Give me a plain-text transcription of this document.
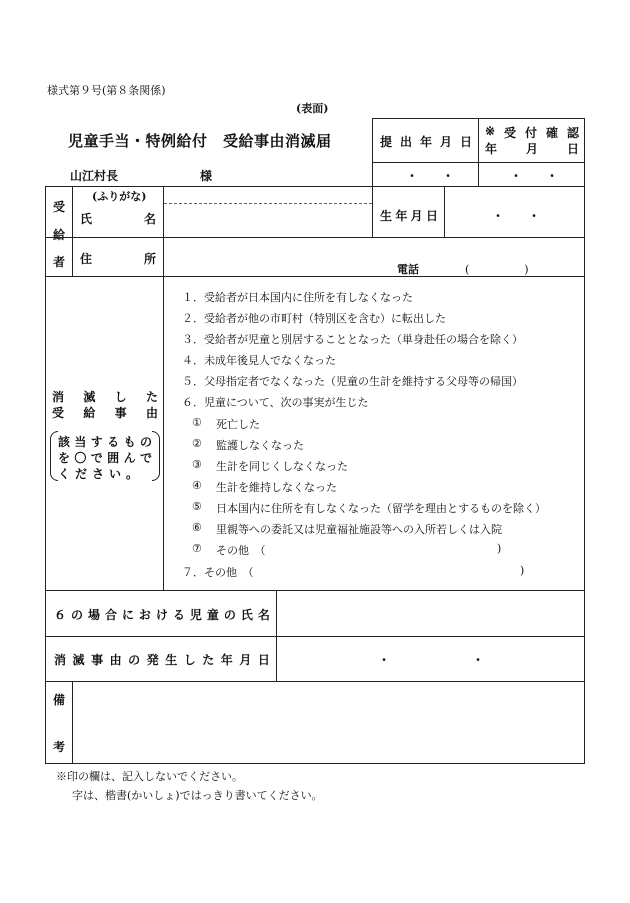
様式第９号(第８条関係)
(表面)
児童手当・特例給付　受給事由消滅届
山江村長	様
提 出 年 月 日
・　　・
※ 受 付 確 認
年 月 日
・　　・
受
給
者
(ふりがな)
氏	名	生 年 月 日	・　　・
住	所
電話	(　　　　　)
消 滅 し た
受 給 事 由
該 当 す る も の
を 〇 で 囲 ん で
く だ さ い 。
１．受給者が日本国内に住所を有しなくなった
２．受給者が他の市町村（特別区を含む）に転出した
３．受給者が児童と別居することとなった（単身赴任の場合を除く）
４．未成年後見人でなくなった
５．父母指定者でなくなった（児童の生計を維持する父母等の帰国）
６．児童について、次の事実が生じた
① 死亡した
② 監護しなくなった
③ 生計を同じくしなくなった
④ 生計を維持しなくなった
⑤ 日本国内に住所を有しなくなった（留学を理由とするものを除く）
⑥ 里親等への委託又は児童福祉施設等への入所若しくは入院
⑦ その他　（	)
７．その他　（	)
６ の 場 合 に お け る 児 童 の 氏 名
消 滅 事 由 の 発 生 し た 年 月 日	・	・
備
考
※印の欄は、記入しないでください。
字は、楷書(かいしょ)ではっきり書いてください。
